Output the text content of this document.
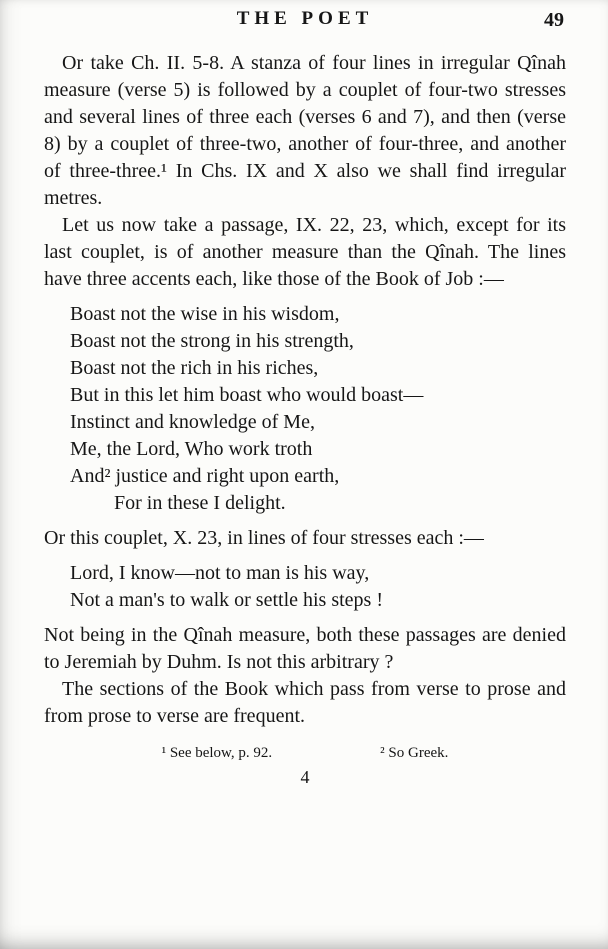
THE POET	49

Or take Ch. II. 5-8. A stanza of four lines in irregular Qînah measure (verse 5) is followed by a couplet of four-two stresses and several lines of three each (verses 6 and 7), and then (verse 8) by a couplet of three-two, another of four-three, and another of three-three.¹ In Chs. IX and X also we shall find irregular metres.

Let us now take a passage, IX. 22, 23, which, except for its last couplet, is of another measure than the Qînah. The lines have three accents each, like those of the Book of Job :—

Boast not the wise in his wisdom,
Boast not the strong in his strength,
Boast not the rich in his riches,
But in this let him boast who would boast—
Instinct and knowledge of Me,
Me, the Lord, Who work troth
And² justice and right upon earth,
For in these I delight.

Or this couplet, X. 23, in lines of four stresses each :—

Lord, I know—not to man is his way,
Not a man's to walk or settle his steps !

Not being in the Qînah measure, both these passages are denied to Jeremiah by Duhm. Is not this arbitrary ?

The sections of the Book which pass from verse to prose and from prose to verse are frequent.

¹ See below, p. 92.	² So Greek.
4
